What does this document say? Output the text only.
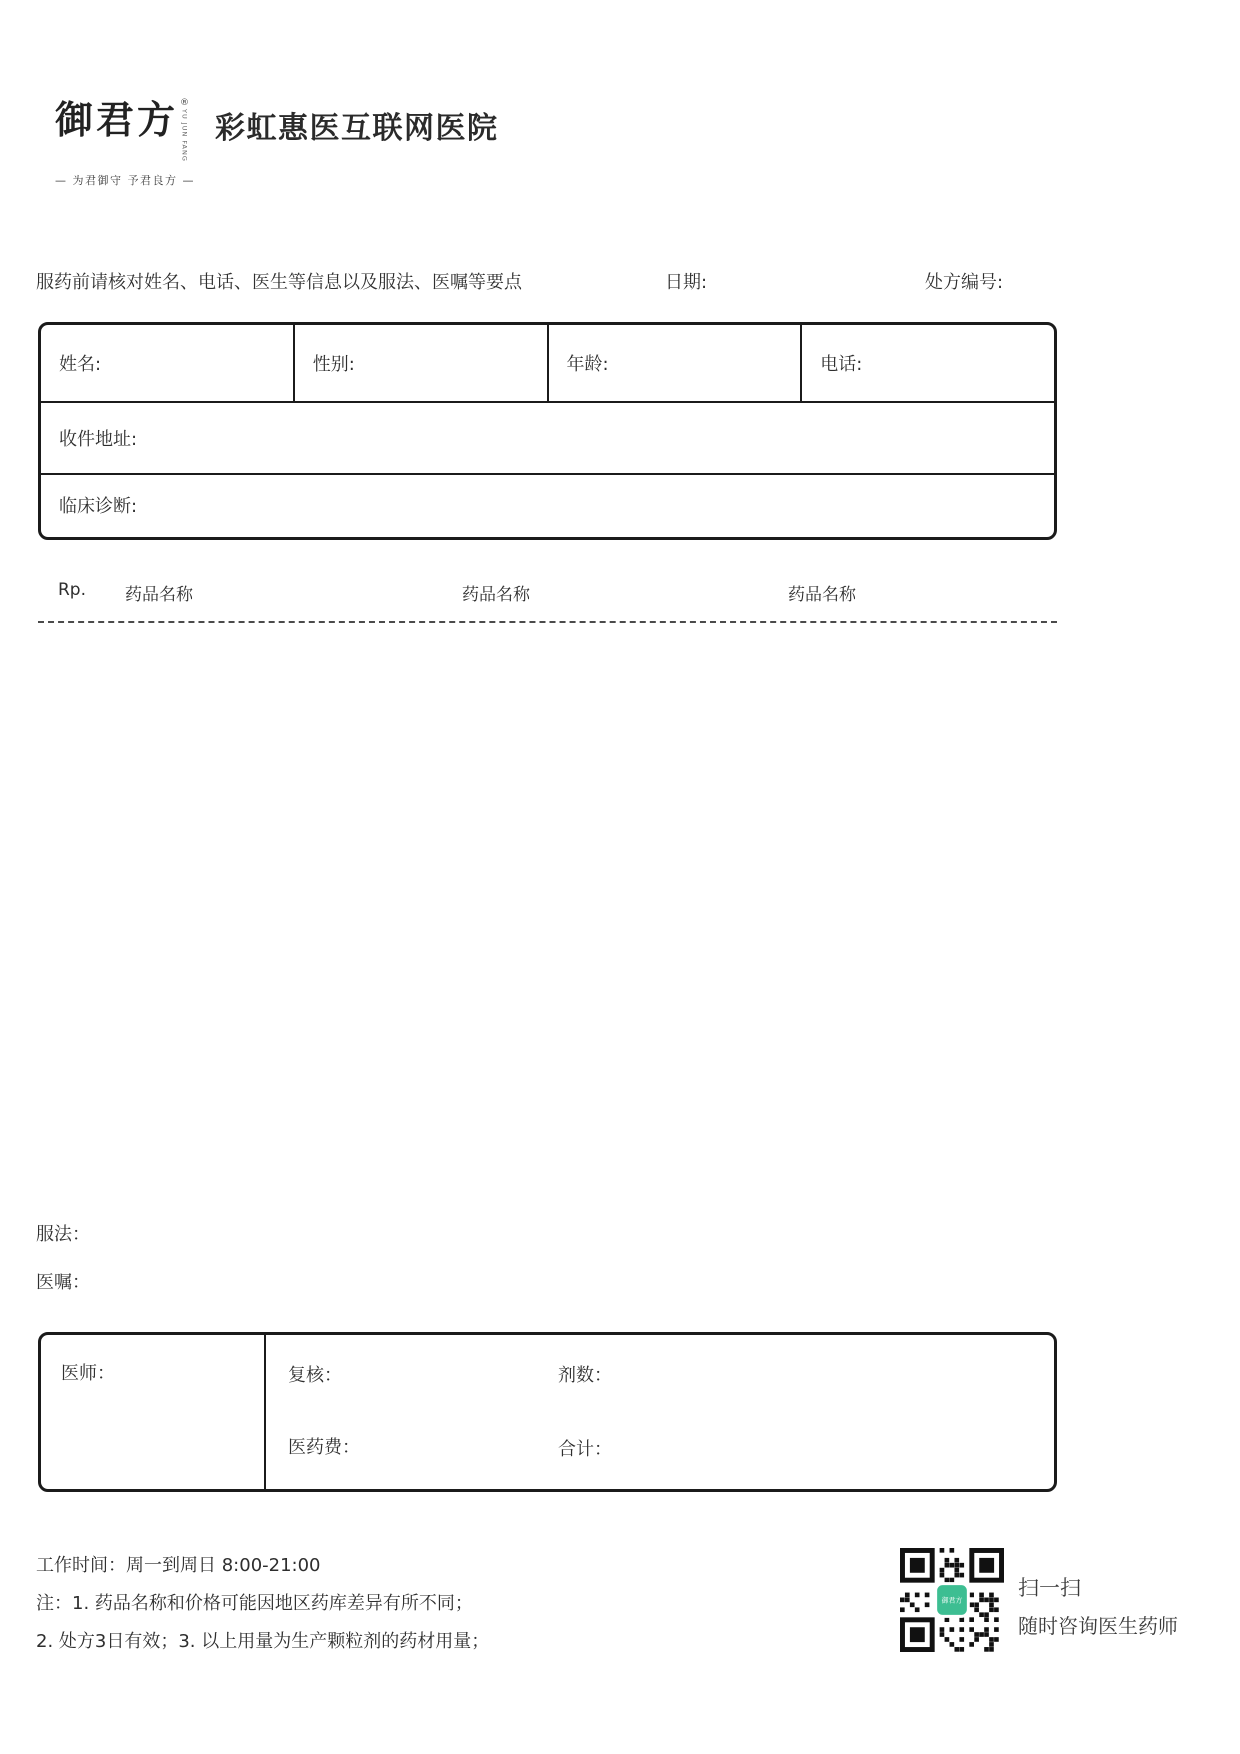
御君方 ®
YU JUN FANG
— 为君御守 予君良方 —
彩虹惠医互联网医院
服药前请核对姓名、电话、医生等信息以及服法、医嘱等要点	日期:	处方编号:
姓名:	性别:	年龄:	电话:
收件地址:
临床诊断:
Rp. 药品名称	药品名称	药品名称
服法：
医嘱：
医师：	复核：	剂数：
医药费：	合计：
工作时间：周一到周日 8:00-21:00
注：1. 药品名称和价格可能因地区药库差异有所不同；
2. 处方3日有效；3. 以上用量为生产颗粒剂的药材用量；
御君方
扫一扫
随时咨询医生药师
